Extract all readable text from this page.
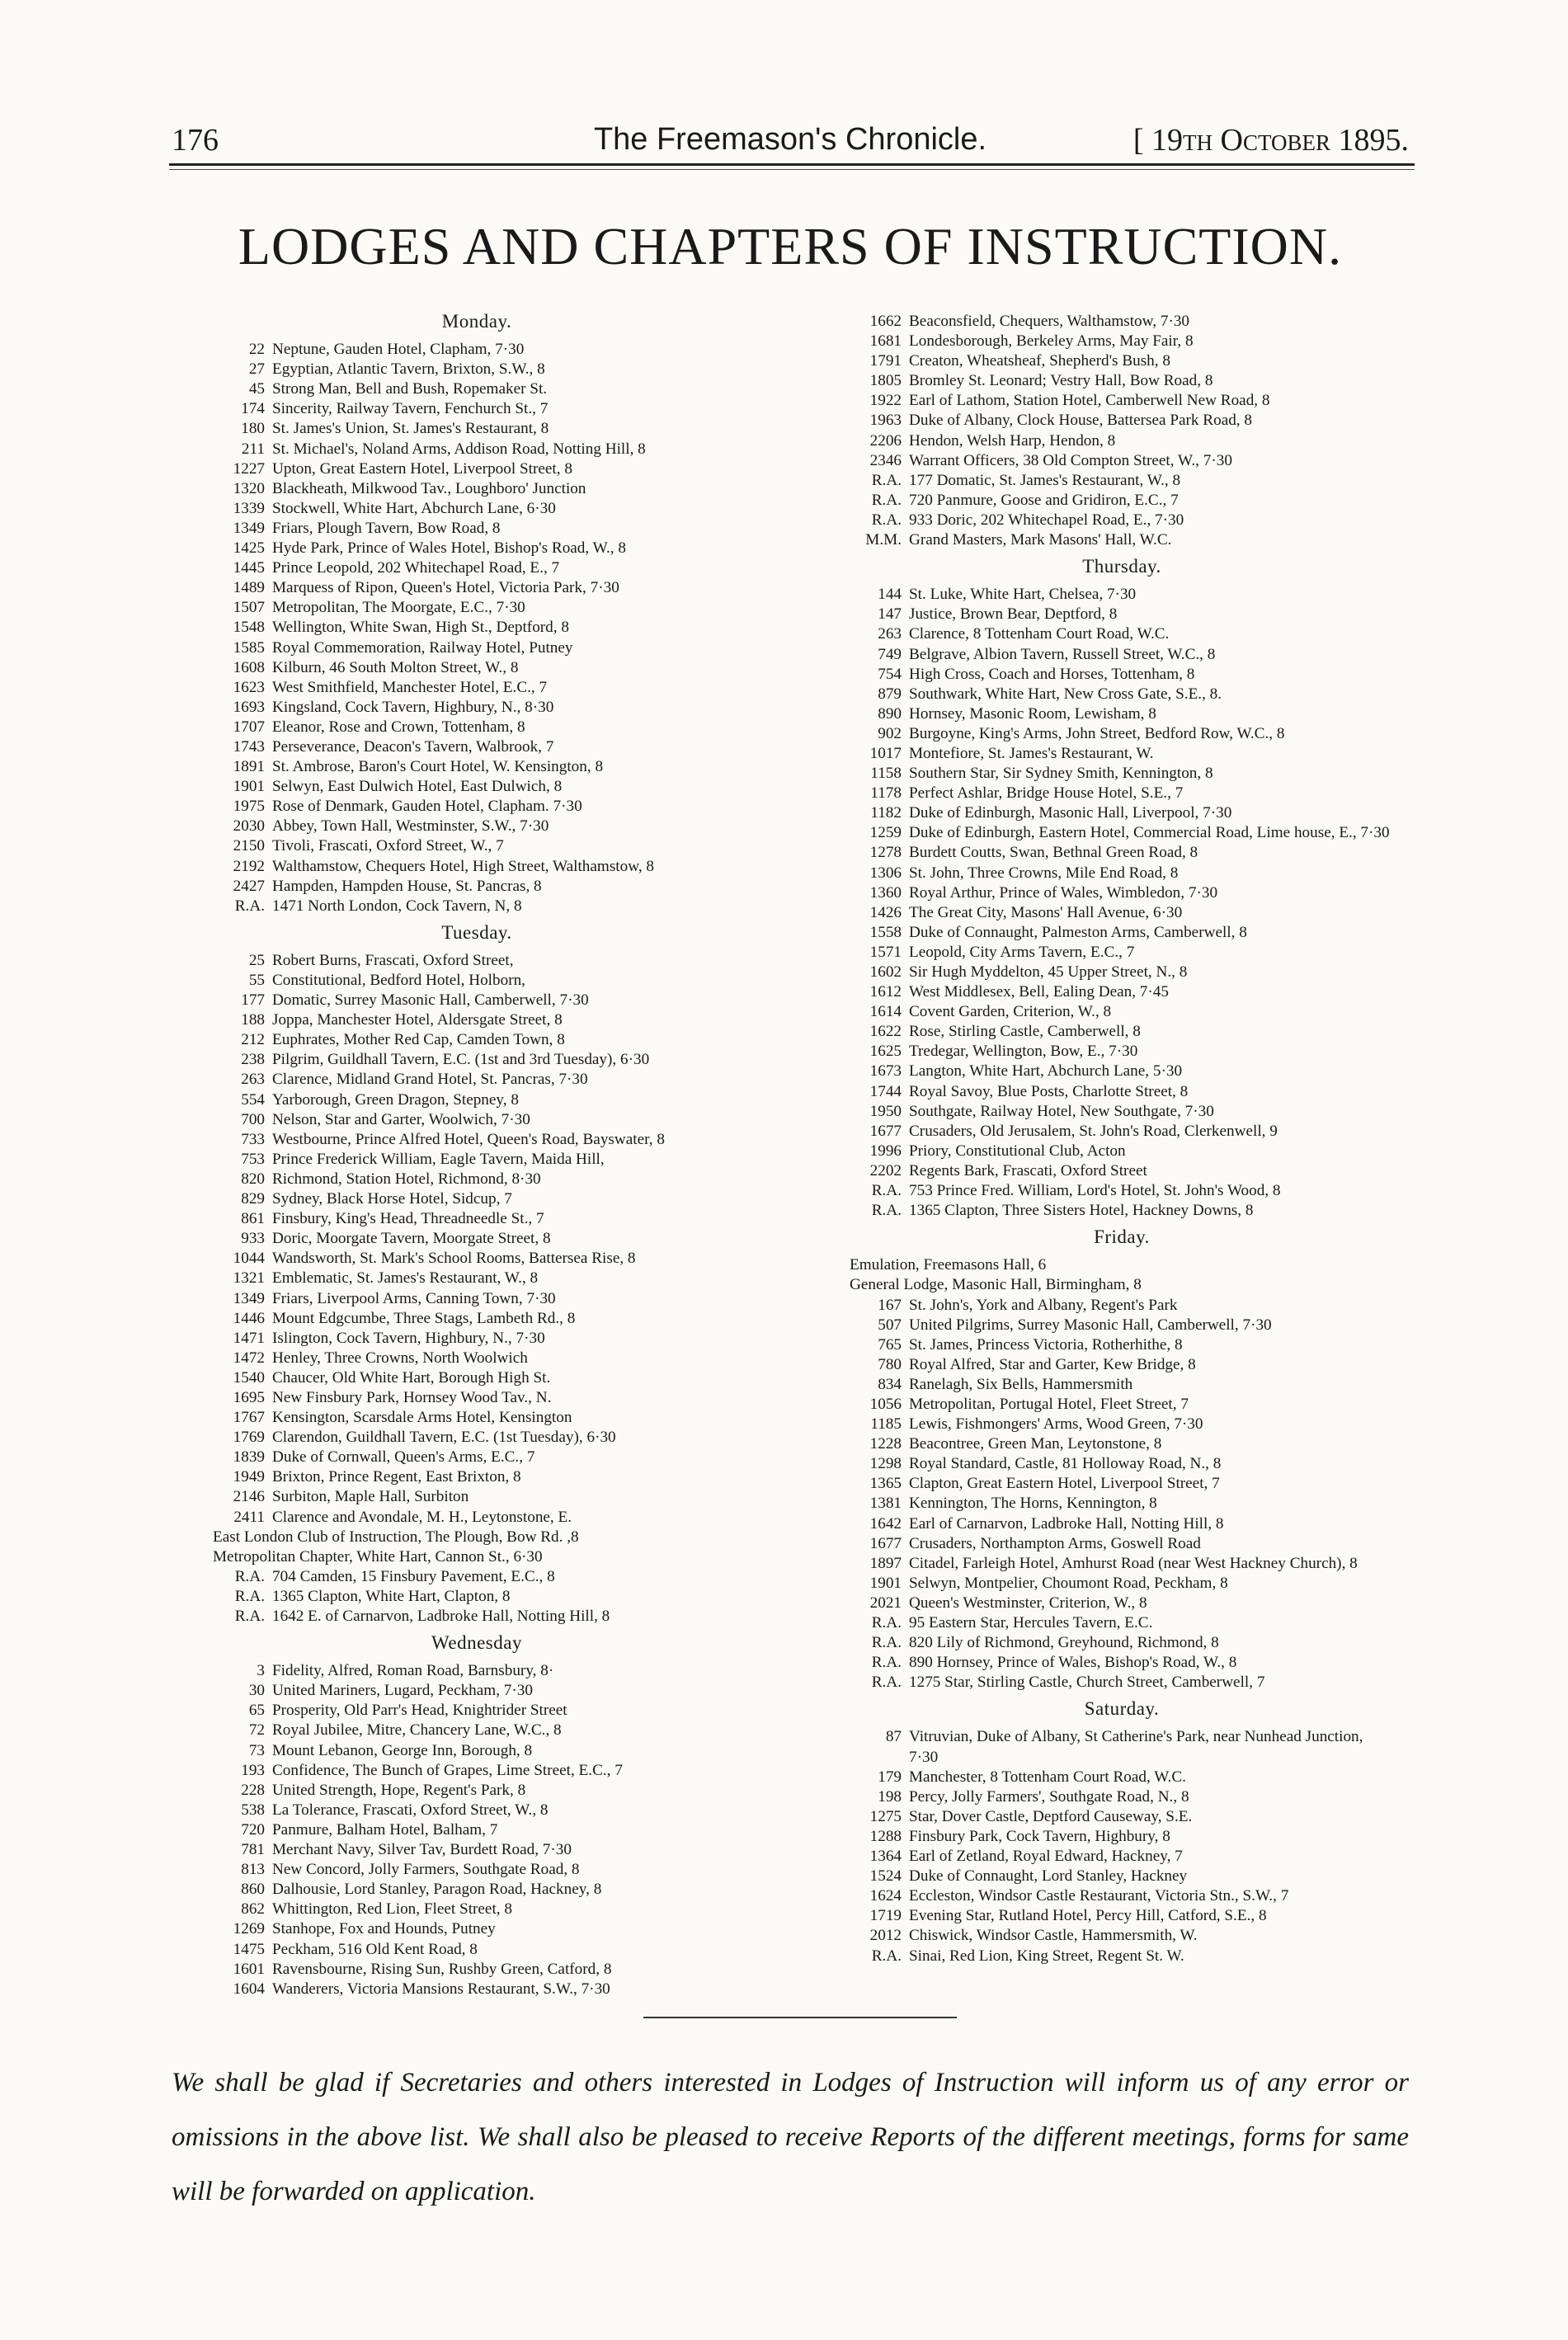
176	The Freemason's Chronicle.	[ 19th October 1895.
LODGES AND CHAPTERS OF INSTRUCTION.
Monday.
22 Neptune, Gauden Hotel, Clapham, 7·30
27 Egyptian, Atlantic Tavern, Brixton, S.W., 8
45 Strong Man, Bell and Bush, Ropemaker St.
174 Sincerity, Railway Tavern, Fenchurch St., 7
180 St. James's Union, St. James's Restaurant, 8
211 St. Michael's, Noland Arms, Addison Road, Notting Hill, 8
1227 Upton, Great Eastern Hotel, Liverpool Street, 8
1320 Blackheath, Milkwood Tav., Loughboro' Junction
1339 Stockwell, White Hart, Abchurch Lane, 6·30
1349 Friars, Plough Tavern, Bow Road, 8
1425 Hyde Park, Prince of Wales Hotel, Bishop's Road, W., 8
1445 Prince Leopold, 202 Whitechapel Road, E., 7
1489 Marquess of Ripon, Queen's Hotel, Victoria Park, 7·30
1507 Metropolitan, The Moorgate, E.C., 7·30
1548 Wellington, White Swan, High St., Deptford, 8
1585 Royal Commemoration, Railway Hotel, Putney
1608 Kilburn, 46 South Molton Street, W., 8
1623 West Smithfield, Manchester Hotel, E.C., 7
1693 Kingsland, Cock Tavern, Highbury, N., 8·30
1707 Eleanor, Rose and Crown, Tottenham, 8
1743 Perseverance, Deacon's Tavern, Walbrook, 7
1891 St. Ambrose, Baron's Court Hotel, W. Kensington, 8
1901 Selwyn, East Dulwich Hotel, East Dulwich, 8
1975 Rose of Denmark, Gauden Hotel, Clapham. 7·30
2030 Abbey, Town Hall, Westminster, S.W., 7·30
2150 Tivoli, Frascati, Oxford Street, W., 7
2192 Walthamstow, Chequers Hotel, High Street, Walthamstow, 8
2427 Hampden, Hampden House, St. Pancras, 8
R.A. 1471 North London, Cock Tavern, N, 8
Tuesday.
25 Robert Burns, Frascati, Oxford Street,
55 Constitutional, Bedford Hotel, Holborn,
177 Domatic, Surrey Masonic Hall, Camberwell, 7·30
188 Joppa, Manchester Hotel, Aldersgate Street, 8
212 Euphrates, Mother Red Cap, Camden Town, 8
238 Pilgrim, Guildhall Tavern, E.C. (1st and 3rd Tuesday), 6·30
263 Clarence, Midland Grand Hotel, St. Pancras, 7·30
554 Yarborough, Green Dragon, Stepney, 8
700 Nelson, Star and Garter, Woolwich, 7·30
733 Westbourne, Prince Alfred Hotel, Queen's Road, Bayswater, 8
753 Prince Frederick William, Eagle Tavern, Maida Hill,
820 Richmond, Station Hotel, Richmond, 8·30
829 Sydney, Black Horse Hotel, Sidcup, 7
861 Finsbury, King's Head, Threadneedle St., 7
933 Doric, Moorgate Tavern, Moorgate Street, 8
1044 Wandsworth, St. Mark's School Rooms, Battersea Rise, 8
1321 Emblematic, St. James's Restaurant, W., 8
1349 Friars, Liverpool Arms, Canning Town, 7·30
1446 Mount Edgcumbe, Three Stags, Lambeth Rd., 8
1471 Islington, Cock Tavern, Highbury, N., 7·30
1472 Henley, Three Crowns, North Woolwich
1540 Chaucer, Old White Hart, Borough High St.
1695 New Finsbury Park, Hornsey Wood Tav., N.
1767 Kensington, Scarsdale Arms Hotel, Kensington
1769 Clarendon, Guildhall Tavern, E.C. (1st Tuesday), 6·30
1839 Duke of Cornwall, Queen's Arms, E.C., 7
1949 Brixton, Prince Regent, East Brixton, 8
2146 Surbiton, Maple Hall, Surbiton
2411 Clarence and Avondale, M. H., Leytonstone, E.
East London Club of Instruction, The Plough, Bow Rd. ,8
Metropolitan Chapter, White Hart, Cannon St., 6·30
R.A. 704 Camden, 15 Finsbury Pavement, E.C., 8
R.A. 1365 Clapton, White Hart, Clapton, 8
R.A. 1642 E. of Carnarvon, Ladbroke Hall, Notting Hill, 8
Wednesday
3 Fidelity, Alfred, Roman Road, Barnsbury, 8·
30 United Mariners, Lugard, Peckham, 7·30
65 Prosperity, Old Parr's Head, Knightrider Street
72 Royal Jubilee, Mitre, Chancery Lane, W.C., 8
73 Mount Lebanon, George Inn, Borough, 8
193 Confidence, The Bunch of Grapes, Lime Street, E.C., 7
228 United Strength, Hope, Regent's Park, 8
538 La Tolerance, Frascati, Oxford Street, W., 8
720 Panmure, Balham Hotel, Balham, 7
781 Merchant Navy, Silver Tav, Burdett Road, 7·30
813 New Concord, Jolly Farmers, Southgate Road, 8
860 Dalhousie, Lord Stanley, Paragon Road, Hackney, 8
862 Whittington, Red Lion, Fleet Street, 8
1269 Stanhope, Fox and Hounds, Putney
1475 Peckham, 516 Old Kent Road, 8
1601 Ravensbourne, Rising Sun, Rushby Green, Catford, 8
1604 Wanderers, Victoria Mansions Restaurant, S.W., 7·30
1662 Beaconsfield, Chequers, Walthamstow, 7·30
1681 Londesborough, Berkeley Arms, May Fair, 8
1791 Creaton, Wheatsheaf, Shepherd's Bush, 8
1805 Bromley St. Leonard; Vestry Hall, Bow Road, 8
1922 Earl of Lathom, Station Hotel, Camberwell New Road, 8
1963 Duke of Albany, Clock House, Battersea Park Road, 8
2206 Hendon, Welsh Harp, Hendon, 8
2346 Warrant Officers, 38 Old Compton Street, W., 7·30
R.A. 177 Domatic, St. James's Restaurant, W., 8
R.A. 720 Panmure, Goose and Gridiron, E.C., 7
R.A. 933 Doric, 202 Whitechapel Road, E., 7·30
M.M. Grand Masters, Mark Masons' Hall, W.C.
Thursday.
144 St. Luke, White Hart, Chelsea, 7·30
147 Justice, Brown Bear, Deptford, 8
263 Clarence, 8 Tottenham Court Road, W.C.
749 Belgrave, Albion Tavern, Russell Street, W.C., 8
754 High Cross, Coach and Horses, Tottenham, 8
879 Southwark, White Hart, New Cross Gate, S.E., 8.
890 Hornsey, Masonic Room, Lewisham, 8
902 Burgoyne, King's Arms, John Street, Bedford Row, W.C., 8
1017 Montefiore, St. James's Restaurant, W.
1158 Southern Star, Sir Sydney Smith, Kennington, 8
1178 Perfect Ashlar, Bridge House Hotel, S.E., 7
1182 Duke of Edinburgh, Masonic Hall, Liverpool, 7·30
1259 Duke of Edinburgh, Eastern Hotel, Commercial Road, Lime house, E., 7·30
1278 Burdett Coutts, Swan, Bethnal Green Road, 8
1306 St. John, Three Crowns, Mile End Road, 8
1360 Royal Arthur, Prince of Wales, Wimbledon, 7·30
1426 The Great City, Masons' Hall Avenue, 6·30
1558 Duke of Connaught, Palmeston Arms, Camberwell, 8
1571 Leopold, City Arms Tavern, E.C., 7
1602 Sir Hugh Myddelton, 45 Upper Street, N., 8
1612 West Middlesex, Bell, Ealing Dean, 7·45
1614 Covent Garden, Criterion, W., 8
1622 Rose, Stirling Castle, Camberwell, 8
1625 Tredegar, Wellington, Bow, E., 7·30
1673 Langton, White Hart, Abchurch Lane, 5·30
1744 Royal Savoy, Blue Posts, Charlotte Street, 8
1950 Southgate, Railway Hotel, New Southgate, 7·30
1677 Crusaders, Old Jerusalem, St. John's Road, Clerkenwell, 9
1996 Priory, Constitutional Club, Acton
2202 Regents Bark, Frascati, Oxford Street
R.A. 753 Prince Fred. William, Lord's Hotel, St. John's Wood, 8
R.A. 1365 Clapton, Three Sisters Hotel, Hackney Downs, 8
Friday.
Emulation, Freemasons Hall, 6
General Lodge, Masonic Hall, Birmingham, 8
167 St. John's, York and Albany, Regent's Park
507 United Pilgrims, Surrey Masonic Hall, Camberwell, 7·30
765 St. James, Princess Victoria, Rotherhithe, 8
780 Royal Alfred, Star and Garter, Kew Bridge, 8
834 Ranelagh, Six Bells, Hammersmith
1056 Metropolitan, Portugal Hotel, Fleet Street, 7
1185 Lewis, Fishmongers' Arms, Wood Green, 7·30
1228 Beacontree, Green Man, Leytonstone, 8
1298 Royal Standard, Castle, 81 Holloway Road, N., 8
1365 Clapton, Great Eastern Hotel, Liverpool Street, 7
1381 Kennington, The Horns, Kennington, 8
1642 Earl of Carnarvon, Ladbroke Hall, Notting Hill, 8
1677 Crusaders, Northampton Arms, Goswell Road
1897 Citadel, Farleigh Hotel, Amhurst Road (near West Hackney Church), 8
1901 Selwyn, Montpelier, Choumont Road, Peckham, 8
2021 Queen's Westminster, Criterion, W., 8
R.A. 95 Eastern Star, Hercules Tavern, E.C.
R.A. 820 Lily of Richmond, Greyhound, Richmond, 8
R.A. 890 Hornsey, Prince of Wales, Bishop's Road, W., 8
R.A. 1275 Star, Stirling Castle, Church Street, Camberwell, 7
Saturday.
87 Vitruvian, Duke of Albany, St Catherine's Park, near Nunhead Junction, 7·30
179 Manchester, 8 Tottenham Court Road, W.C.
198 Percy, Jolly Farmers', Southgate Road, N., 8
1275 Star, Dover Castle, Deptford Causeway, S.E.
1288 Finsbury Park, Cock Tavern, Highbury, 8
1364 Earl of Zetland, Royal Edward, Hackney, 7
1524 Duke of Connaught, Lord Stanley, Hackney
1624 Eccleston, Windsor Castle Restaurant, Victoria Stn., S.W., 7
1719 Evening Star, Rutland Hotel, Percy Hill, Catford, S.E., 8
2012 Chiswick, Windsor Castle, Hammersmith, W.
R.A. Sinai, Red Lion, King Street, Regent St. W.
We shall be glad if Secretaries and others interested in Lodges of Instruction will inform us of any error or omissions in the above list. We shall also be pleased to receive Reports of the different meetings, forms for same will be forwarded on application.
